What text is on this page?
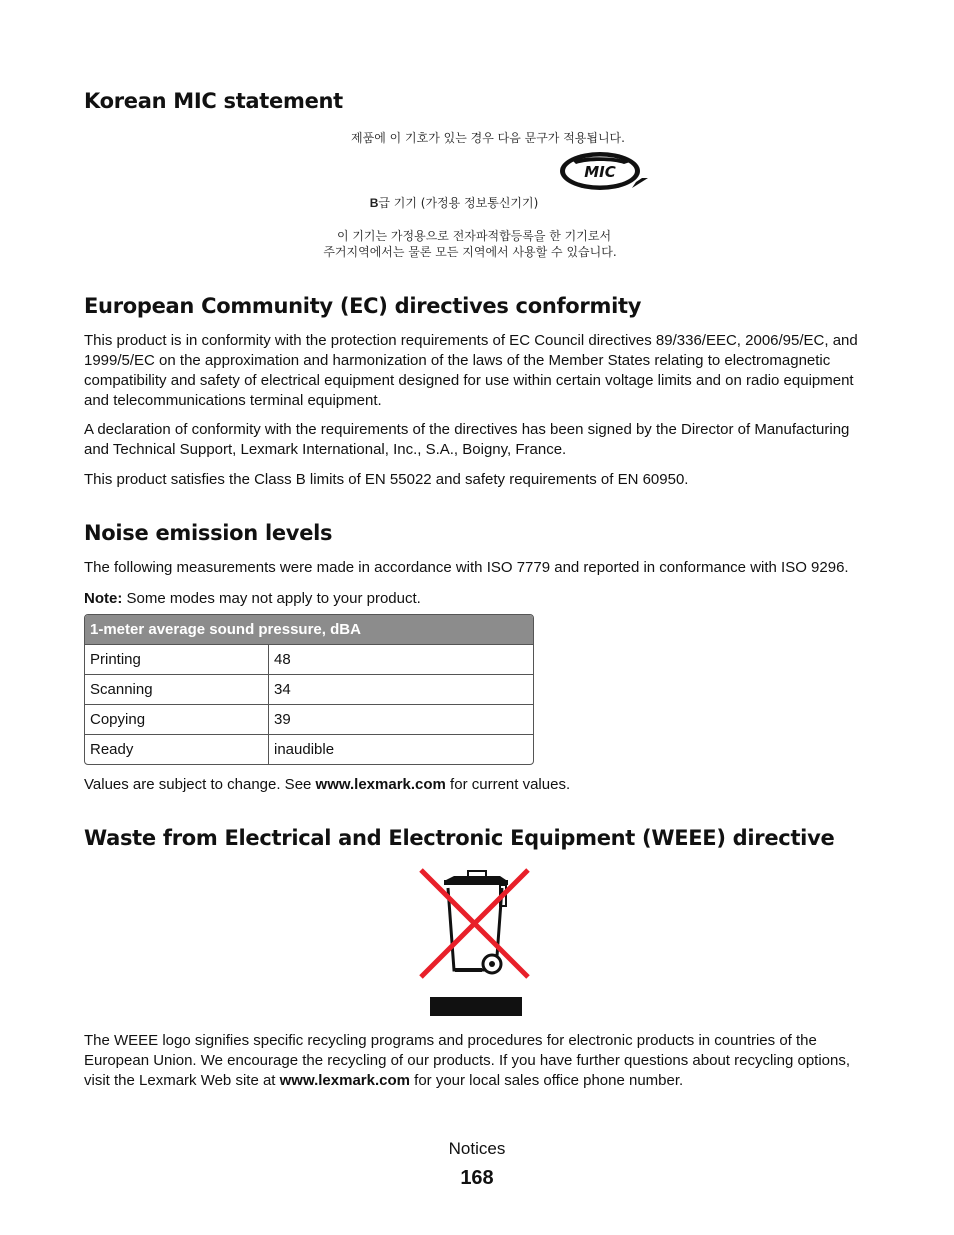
Korean MIC statement
제품에 이 기호가 있는 경우 다음 문구가 적용됩니다.
MIC
B급 기기 (가정용 정보통신기기)
이 기기는 가정용으로 전자파적합등록을 한 기기로서
주거지역에서는 물론 모든 지역에서 사용할 수 있습니다.
European Community (EC) directives conformity

This product is in conformity with the protection requirements of EC Council directives 89/336/EEC, 2006/95/EC, and 1999/5/EC on the approximation and harmonization of the laws of the Member States relating to electromagnetic compatibility and safety of electrical equipment designed for use within certain voltage limits and on radio equipment and telecommunications terminal equipment.

A declaration of conformity with the requirements of the directives has been signed by the Director of Manufacturing and Technical Support, Lexmark International, Inc., S.A., Boigny, France.

This product satisfies the Class B limits of EN 55022 and safety requirements of EN 60950.

Noise emission levels

The following measurements were made in accordance with ISO 7779 and reported in conformance with ISO 9296.

Note: Some modes may not apply to your product.

1-meter average sound pressure, dBA	
Printing	48
Scanning	34
Copying	39
Ready	inaudible

Values are subject to change. See www.lexmark.com for current values.

Waste from Electrical and Electronic Equipment (WEEE) directive

The WEEE logo signifies specific recycling programs and procedures for electronic products in countries of the European Union. We encourage the recycling of our products. If you have further questions about recycling options, visit the Lexmark Web site at www.lexmark.com for your local sales office phone number.

Notices
168
